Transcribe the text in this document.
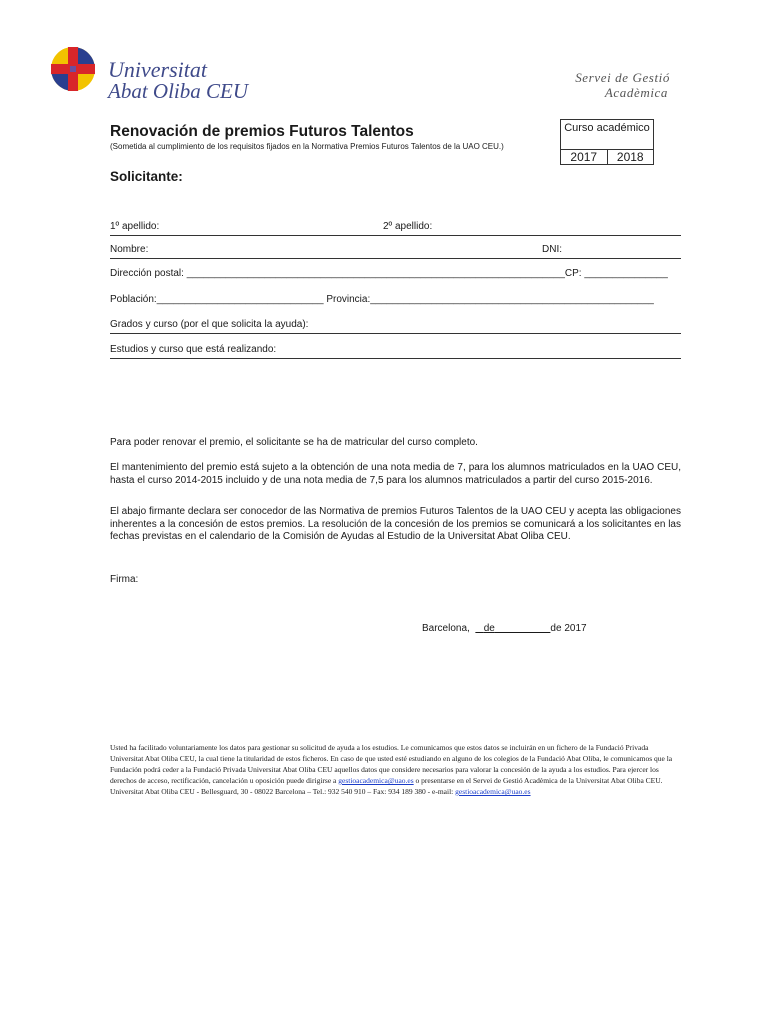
Universitat
Abat Oliba CEU
Servei de Gestió
Acadèmica
Renovación de premios Futuros Talentos
(Sometida al cumplimiento de los requisitos fijados en la Normativa Premios Futuros Talentos de la UAO CEU.)
Curso académico
2017	2018
Solicitante:
1º apellido:	2º apellido:
Nombre:	DNI:
Dirección postal: ____________________________________________________________________CP: _______________
Población:______________________________ Provincia:___________________________________________________
Grados y curso (por el que solicita la ayuda):
Estudios y curso que está realizando:
Para poder renovar el premio, el solicitante se ha de matricular del curso completo.
El mantenimiento del premio está sujeto a la obtención de una nota media de 7, para los alumnos matriculados en la UAO CEU, hasta el curso 2014-2015 incluido y de una nota media de 7,5 para los alumnos matriculados a partir del curso 2015-2016.
El abajo firmante declara ser conocedor de las Normativa de premios Futuros Talentos de la UAO CEU y acepta las obligaciones inherentes a la concesión de estos premios. La resolución de la concesión de los premios se comunicará a los solicitantes en las fechas previstas en el calendario de la Comisión de Ayudas al Estudio de la Universitat Abat Oliba CEU.
Firma:
Barcelona, de	de 2017
Usted ha facilitado voluntariamente los datos para gestionar su solicitud de ayuda a los estudios. Le comunicamos que estos datos se incluirán en un fichero de la Fundació Privada Universitat Abat Oliba CEU, la cual tiene la titularidad de estos ficheros. En caso de que usted esté estudiando en alguno de los colegios de la Fundació Abat Oliba, le comunicamos que la Fundación podrá ceder a la Fundació Privada Universitat Abat Oliba CEU aquellos datos que considere necesarios para valorar la concesión de la ayuda a los estudios. Para ejercer los derechos de acceso, rectificación, cancelación u oposición puede dirigirse a gestioacademica@uao.es o presentarse en el Servei de Gestió Acadèmica de la Universitat Abat Oliba CEU.
Universitat Abat Oliba CEU - Bellesguard, 30 - 08022 Barcelona – Tel.: 932 540 910 – Fax: 934 189 380 - e-mail: gestioacademica@uao.es
